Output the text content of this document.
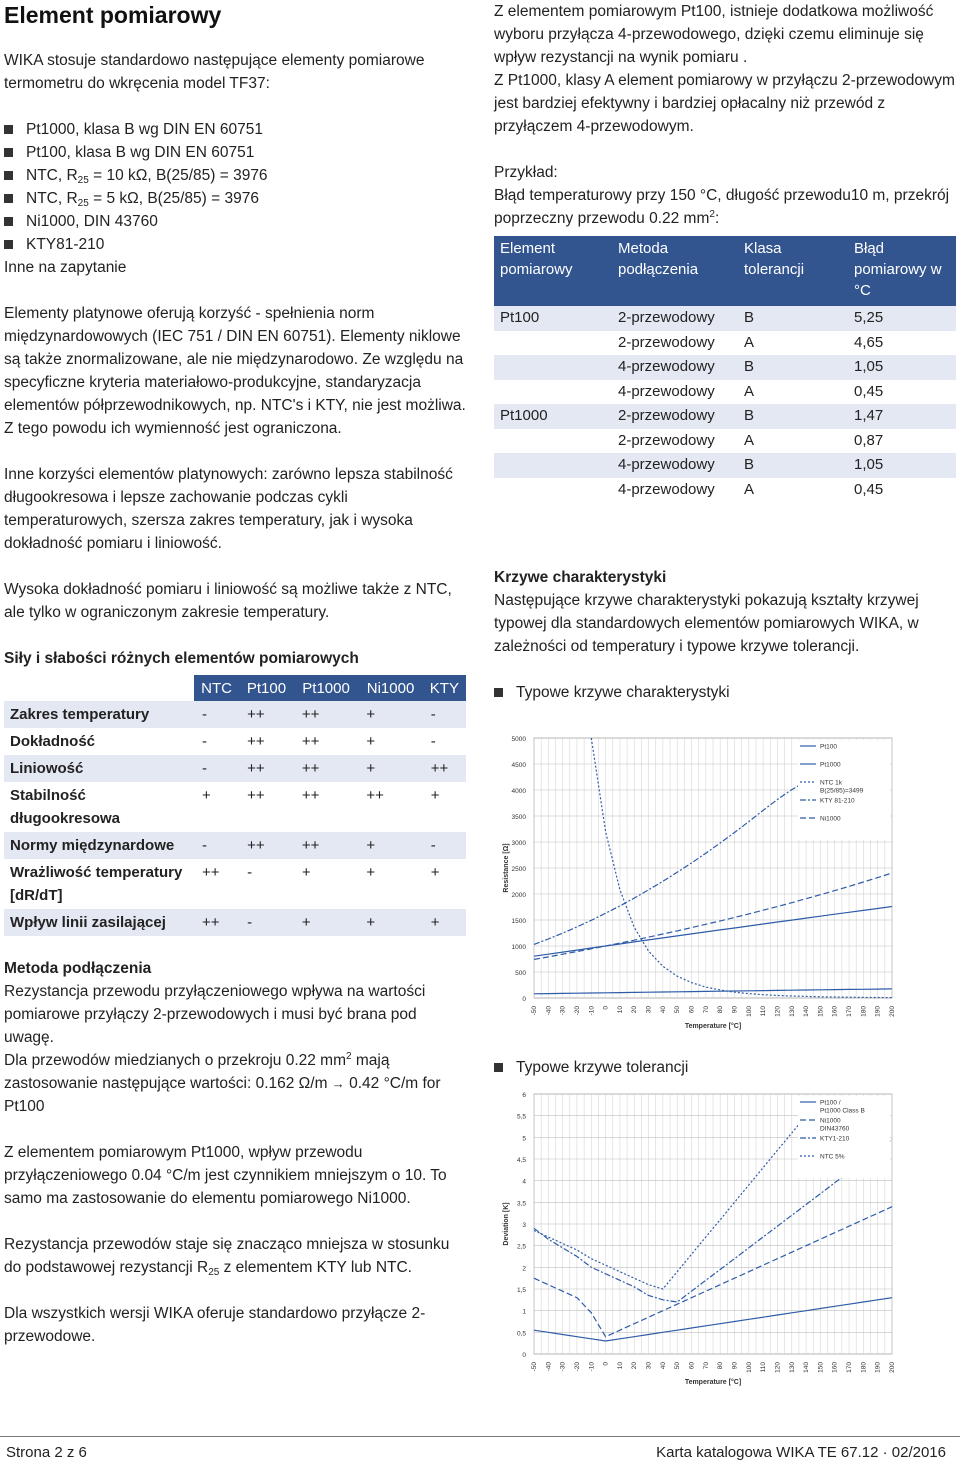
Element pomiarowy

WIKA stosuje standardowo następujące elementy pomiarowe termometru do wkręcenia model TF37:

Pt1000, klasa B wg DIN EN 60751
Pt100, klasa B wg DIN EN 60751
NTC, $R_{25} = 10$ kΩ, B(25/85) = 3976
NTC, $R_{25} = 5$ kΩ, B(25/85) = 3976
Ni1000, DIN 43760
KTY81-210

Inne na zapytanie

Elementy platynowe oferują korzyść - spełnienia norm międzynardowowych (IEC 751 / DIN EN 60751). Elementy niklowe są także znormalizowane, ale nie międzynarodowo. Ze względu na specyficzne kryteria materiałowo-produkcyjne, standaryzacja elementów półprzewodnikowych, np. NTC's i KTY, nie jest możliwa. Z tego powodu ich wymienność jest ograniczona.

Inne korzyści elementów platynowych: zarówno lepsza stabilność długookresowa i lepsze zachowanie podczas cykli temperaturowych, szersza zakres temperatury, jak i wysoka dokładność pomiaru i liniowość.

Wysoka dokładność pomiaru i liniowość są możliwe także z NTC, ale tylko w ograniczonym zakresie temperatury.

Siły i słabości różnych elementów pomiarowych
	NTC	Pt100	Pt1000	Ni1000	KTY
Zakres temperatury	-	++	++	+	-
Dokładność	-	++	++	+	-
Liniowość	-	++	++	+	++
Stabilność długookresowa	+	++	++	++	+
Normy międzynardowe	-	++	++	+	-
Wrażliwość temperatury [dR/dT]	++	-	+	+	+
Wpływ linii zasilającej	++	-	+	+	+
Metoda podłączenia

Rezystancja przewodu przyłączeniowego wpływa na wartości pomiarowe przyłączy 2-przewodowych i musi być brana pod uwagę.

Dla przewodów miedzianych o przekroju 0.22 $mm^2$ mają zastosowanie następujące wartości: 0.162 Ω/m → 0.42 °C/m for Pt100

Z elementem pomiarowym Pt1000, wpływ przewodu przyłączeniowego 0.04 °C/m jest czynnikiem mniejszym o 10. To samo ma zastosowanie do elementu pomiarowego Ni1000.

Rezystancja przewodów staje się znacząco mniejsza w stosunku do podstawowej rezystancji $R_{25}$ z elementem KTY lub NTC.

Dla wszystkich wersji WIKA oferuje standardowo przyłącze 2-przewodowe.

Z elementem pomiarowym Pt100, istnieje dodatkowa możliwość wyboru przyłącza 4-przewodowego, dzięki czemu eliminuje się wpływ rezystancji na wynik pomiaru .

Z Pt1000, klasy A element pomiarowy w przyłączu 2-przewodowym jest bardziej efektywny i bardziej opłacalny niż przewód z przyłączem 4-przewodowym.

Przykład:

Błąd temperaturowy przy 150 °C, długość przewodu10 m, przekrój poprzeczny przewodu 0.22 $mm^2$:

Element pomiarowy	Metoda podłączenia	Klasa tolerancji	Błąd pomiarowy w °C
Pt100	2-przewodowy	B	5,25
	2-przewodowy	A	4,65
	4-przewodowy	B	1,05
	4-przewodowy	A	0,45
Pt1000	2-przewodowy	B	1,47
	2-przewodowy	A	0,87
	4-przewodowy	B	1,05
	4-przewodowy	A	0,45
Krzywe charakterystyki

Następujące krzywe charakterystyki pokazują kształty krzywej typowej dla standardowych elementów pomiarowych WIKA, w zależności od temperatury i typowe krzywe tolerancji.

Typowe krzywe charakterystyki
Typowe krzywe tolerancji
0
500
1000
1500
2000
2500
3000
3500
4000
4500
5000
-50 -40 -30 -20 -10 0 10 20 30 40 50 60 70 80 90 100 110 120 130 140 150 160 170 180 190 200
Temperature [°C]
Resistance [Ω]
Pt100
Pt1000
NTC 1k B(25/85)=3499
KTY 81-210
Ni1000
0
0,5
1
1,5
2
2,5
3
3,5
4
4,5
5
5,5
6
-50 -40 -30 -20 -10 0 10 20 30 40 50 60 70 80 90 100 110 120 130 140 150 160 170 180 190 200
Temperature [°C]
Deviation [K]
Pt100 / Pt1000 Class B
Ni1000 DIN43760
KTY1-210
NTC 5%
Strona 2 z 6	Karta katalogowa WIKA TE 67.12 · 02/2016
